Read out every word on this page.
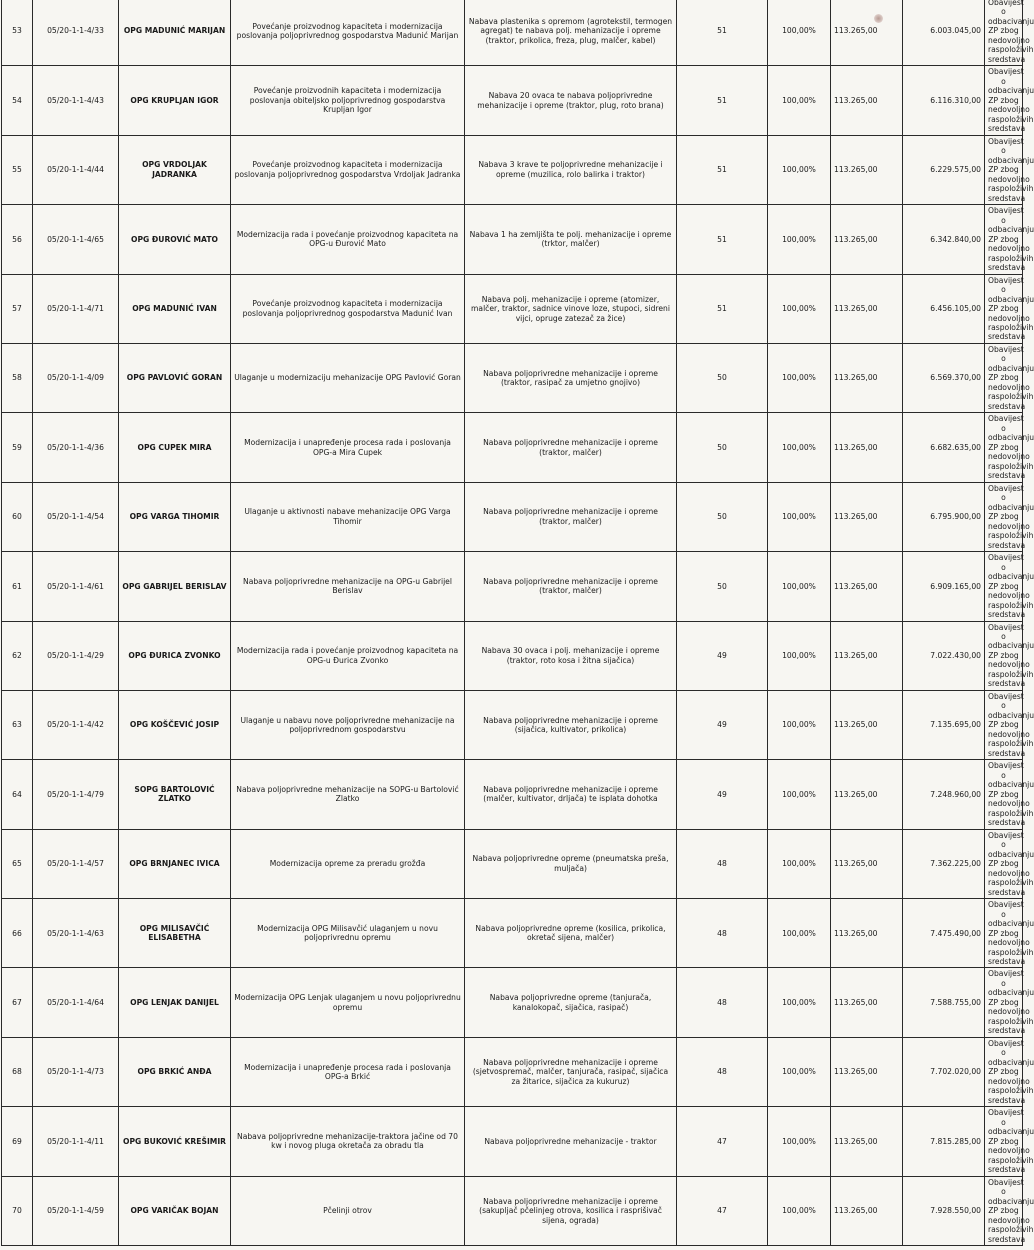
53	05/20-1-1-4/33	OPG MADUNIĆ MARIJAN	Povećanje proizvodnog kapaciteta i modernizacija poslovanja poljoprivrednog gospodarstva Madunić Marijan	Nabava plastenika s opremom (agrotekstil, termogen agregat) te nabava polj. mehanizacije i opreme (traktor, prikolica, freza, plug, malčer, kabel)	51	100,00%	113.265,00	6.003.045,00	Obavijest o odbacivanju ZP zbog nedovoljno raspoloživih sredstava
54	05/20-1-1-4/43	OPG KRUPLJAN IGOR	Povećanje proizvodnih kapaciteta i modernizacija poslovanja obiteljsko poljoprivrednog gospodarstva Krupljan Igor	Nabava 20 ovaca te nabava poljoprivredne mehanizacije i opreme (traktor, plug, roto brana)	51	100,00%	113.265,00	6.116.310,00	Obavijest o odbacivanju ZP zbog nedovoljno raspoloživih sredstava
55	05/20-1-1-4/44	OPG VRDOLJAK JADRANKA	Povećanje proizvodnog kapaciteta i modernizacija poslovanja poljoprivrednog gospodarstva Vrdoljak Jadranka	Nabava 3 krave te poljoprivredne mehanizacije i opreme (muzilica, rolo balirka i traktor)	51	100,00%	113.265,00	6.229.575,00	Obavijest o odbacivanju ZP zbog nedovoljno raspoloživih sredstava
56	05/20-1-1-4/65	OPG ĐUROVIĆ MATO	Modernizacija rada i povećanje proizvodnog kapaciteta na OPG-u Đurović Mato	Nabava 1 ha zemljišta te polj. mehanizacije i opreme (trktor, malčer)	51	100,00%	113.265,00	6.342.840,00	Obavijest o odbacivanju ZP zbog nedovoljno raspoloživih sredstava
57	05/20-1-1-4/71	OPG MADUNIĆ IVAN	Povećanje proizvodnog kapaciteta i modernizacija poslovanja poljoprivrednog gospodarstva Madunić Ivan	Nabava polj. mehanizacije i opreme (atomizer, malčer, traktor, sadnice vinove loze, stupoci, sidreni vijci, opruge zatezač za žice)	51	100,00%	113.265,00	6.456.105,00	Obavijest o odbacivanju ZP zbog nedovoljno raspoloživih sredstava
58	05/20-1-1-4/09	OPG PAVLOVIĆ GORAN	Ulaganje u modernizaciju mehanizacije OPG Pavlović Goran	Nabava poljoprivredne mehanizacije i opreme (traktor, rasipač za umjetno gnojivo)	50	100,00%	113.265,00	6.569.370,00	Obavijest o odbacivanju ZP zbog nedovoljno raspoloživih sredstava
59	05/20-1-1-4/36	OPG CUPEK MIRA	Modernizacija i unapređenje procesa rada i poslovanja OPG-a Mira Cupek	Nabava poljoprivredne mehanizacije i opreme (traktor, malčer)	50	100,00%	113.265,00	6.682.635,00	Obavijest o odbacivanju ZP zbog nedovoljno raspoloživih sredstava
60	05/20-1-1-4/54	OPG VARGA TIHOMIR	Ulaganje u aktivnosti nabave mehanizacije OPG Varga Tihomir	Nabava poljoprivredne mehanizacije i opreme (traktor, malčer)	50	100,00%	113.265,00	6.795.900,00	Obavijest o odbacivanju ZP zbog nedovoljno raspoloživih sredstava
61	05/20-1-1-4/61	OPG GABRIJEL BERISLAV	Nabava poljoprivredne mehanizacije na OPG-u Gabrijel Berislav	Nabava poljoprivredne mehanizacije i opreme (traktor, malčer)	50	100,00%	113.265,00	6.909.165,00	Obavijest o odbacivanju ZP zbog nedovoljno raspoloživih sredstava
62	05/20-1-1-4/29	OPG ĐURICA ZVONKO	Modernizacija rada i povećanje proizvodnog kapaciteta na OPG-u Đurica Zvonko	Nabava 30 ovaca i polj. mehanizacije i opreme (traktor, roto kosa i žitna sijačica)	49	100,00%	113.265,00	7.022.430,00	Obavijest o odbacivanju ZP zbog nedovoljno raspoloživih sredstava
63	05/20-1-1-4/42	OPG KOŠČEVIĆ JOSIP	Ulaganje u nabavu nove poljoprivredne mehanizacije na poljoprivrednom gospodarstvu	Nabava poljoprivredne mehanizacije i opreme (sijačica, kultivator, prikolica)	49	100,00%	113.265,00	7.135.695,00	Obavijest o odbacivanju ZP zbog nedovoljno raspoloživih sredstava
64	05/20-1-1-4/79	SOPG BARTOLOVIĆ ZLATKO	Nabava poljoprivredne mehanizacije na SOPG-u Bartolović Zlatko	Nabava poljoprivredne mehanizacije i opreme (malčer, kultivator, drljača) te isplata dohotka	49	100,00%	113.265,00	7.248.960,00	Obavijest o odbacivanju ZP zbog nedovoljno raspoloživih sredstava
65	05/20-1-1-4/57	OPG BRNJANEC IVICA	Modernizacija opreme za preradu grožđa	Nabava poljoprivredne opreme (pneumatska preša, muljača)	48	100,00%	113.265,00	7.362.225,00	Obavijest o odbacivanju ZP zbog nedovoljno raspoloživih sredstava
66	05/20-1-1-4/63	OPG MILISAVČIĆ ELISABETHA	Modernizacija OPG Milisavčić ulaganjem u novu poljoprivrednu opremu	Nabava poljoprivredne opreme (kosilica, prikolica, okretač sijena, malčer)	48	100,00%	113.265,00	7.475.490,00	Obavijest o odbacivanju ZP zbog nedovoljno raspoloživih sredstava
67	05/20-1-1-4/64	OPG LENJAK DANIJEL	Modernizacija OPG Lenjak ulaganjem u novu poljoprivrednu opremu	Nabava poljoprivredne opreme (tanjurača, kanalokopač, sijačica, rasipač)	48	100,00%	113.265,00	7.588.755,00	Obavijest o odbacivanju ZP zbog nedovoljno raspoloživih sredstava
68	05/20-1-1-4/73	OPG BRKIĆ ANĐA	Modernizacija i unapređenje procesa rada i poslovanja OPG-a Brkić	Nabava poljoprivredne mehanizacije i opreme (sjetvospremač, malčer, tanjurača, rasipač, sijačica za žitarice, sijačica za kukuruz)	48	100,00%	113.265,00	7.702.020,00	Obavijest o odbacivanju ZP zbog nedovoljno raspoloživih sredstava
69	05/20-1-1-4/11	OPG BUKOVIĆ KREŠIMIR	Nabava poljoprivredne mehanizacije-traktora jačine od 70 kw i novog pluga okretača za obradu tla	Nabava poljoprivredne mehanizacije - traktor	47	100,00%	113.265,00	7.815.285,00	Obavijest o odbacivanju ZP zbog nedovoljno raspoloživih sredstava
70	05/20-1-1-4/59	OPG VARIČAK BOJAN	Pčelinji otrov	Nabava poljoprivredne mehanizacije i opreme (sakupljač pčelinjeg otrova, kosilica i rasprišivač sijena, ograda)	47	100,00%	113.265,00	7.928.550,00	Obavijest o odbacivanju ZP zbog nedovoljno raspoloživih sredstava
